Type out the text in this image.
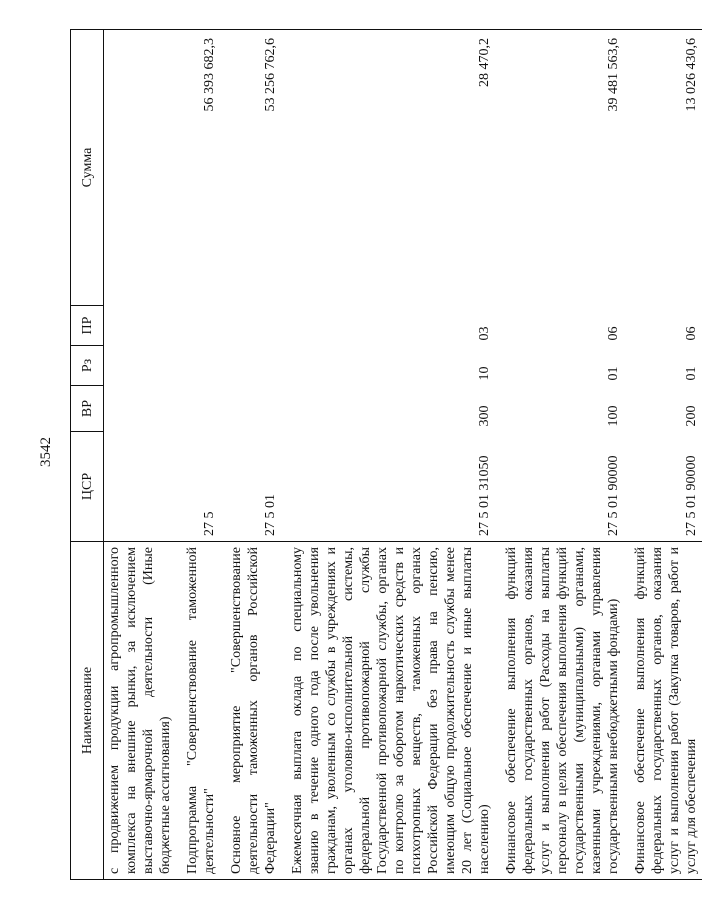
3542
Наименование	ЦСР	ВР	Рз	ПР	Сумма
с продвижением продукции агропромышленного комплекса на внешние рынки, за исключением выставочно-ярмарочной деятельности (Иные бюджетные ассигнования)					

Подпрограмма "Совершенствование таможенной деятельности"	27 5				56 393 682,3

Основное мероприятие "Совершенствование деятельности таможенных органов Российской Федерации"	27 5 01				53 256 762,6

Ежемесячная выплата оклада по специальному званию в течение одного года после увольнения гражданам, уволенным со службы в учреждениях и органах уголовно-исполнительной системы, федеральной противопожарной службы Государственной противопожарной службы, органах по контролю за оборотом наркотических средств и психотропных веществ, таможенных органах Российской Федерации без права на пенсию, имеющим общую продолжительность службы менее 20 лет (Социальное обеспечение и иные выплаты населению)	27 5 01 31050	300	10	03	28 470,2

Финансовое обеспечение выполнения функций федеральных государственных органов, оказания услуг и выполнения работ (Расходы на выплаты персоналу в целях обеспечения выполнения функций государственными (муниципальными) органами, казенными учреждениями, органами управления государственными внебюджетными фондами)	27 5 01 90000	100	01	06	39 481 563,6

Финансовое обеспечение выполнения функций федеральных государственных органов, оказания услуг и выполнения работ (Закупка товаров, работ и услуг для обеспечения	27 5 01 90000	200	01	06	13 026 430,6
